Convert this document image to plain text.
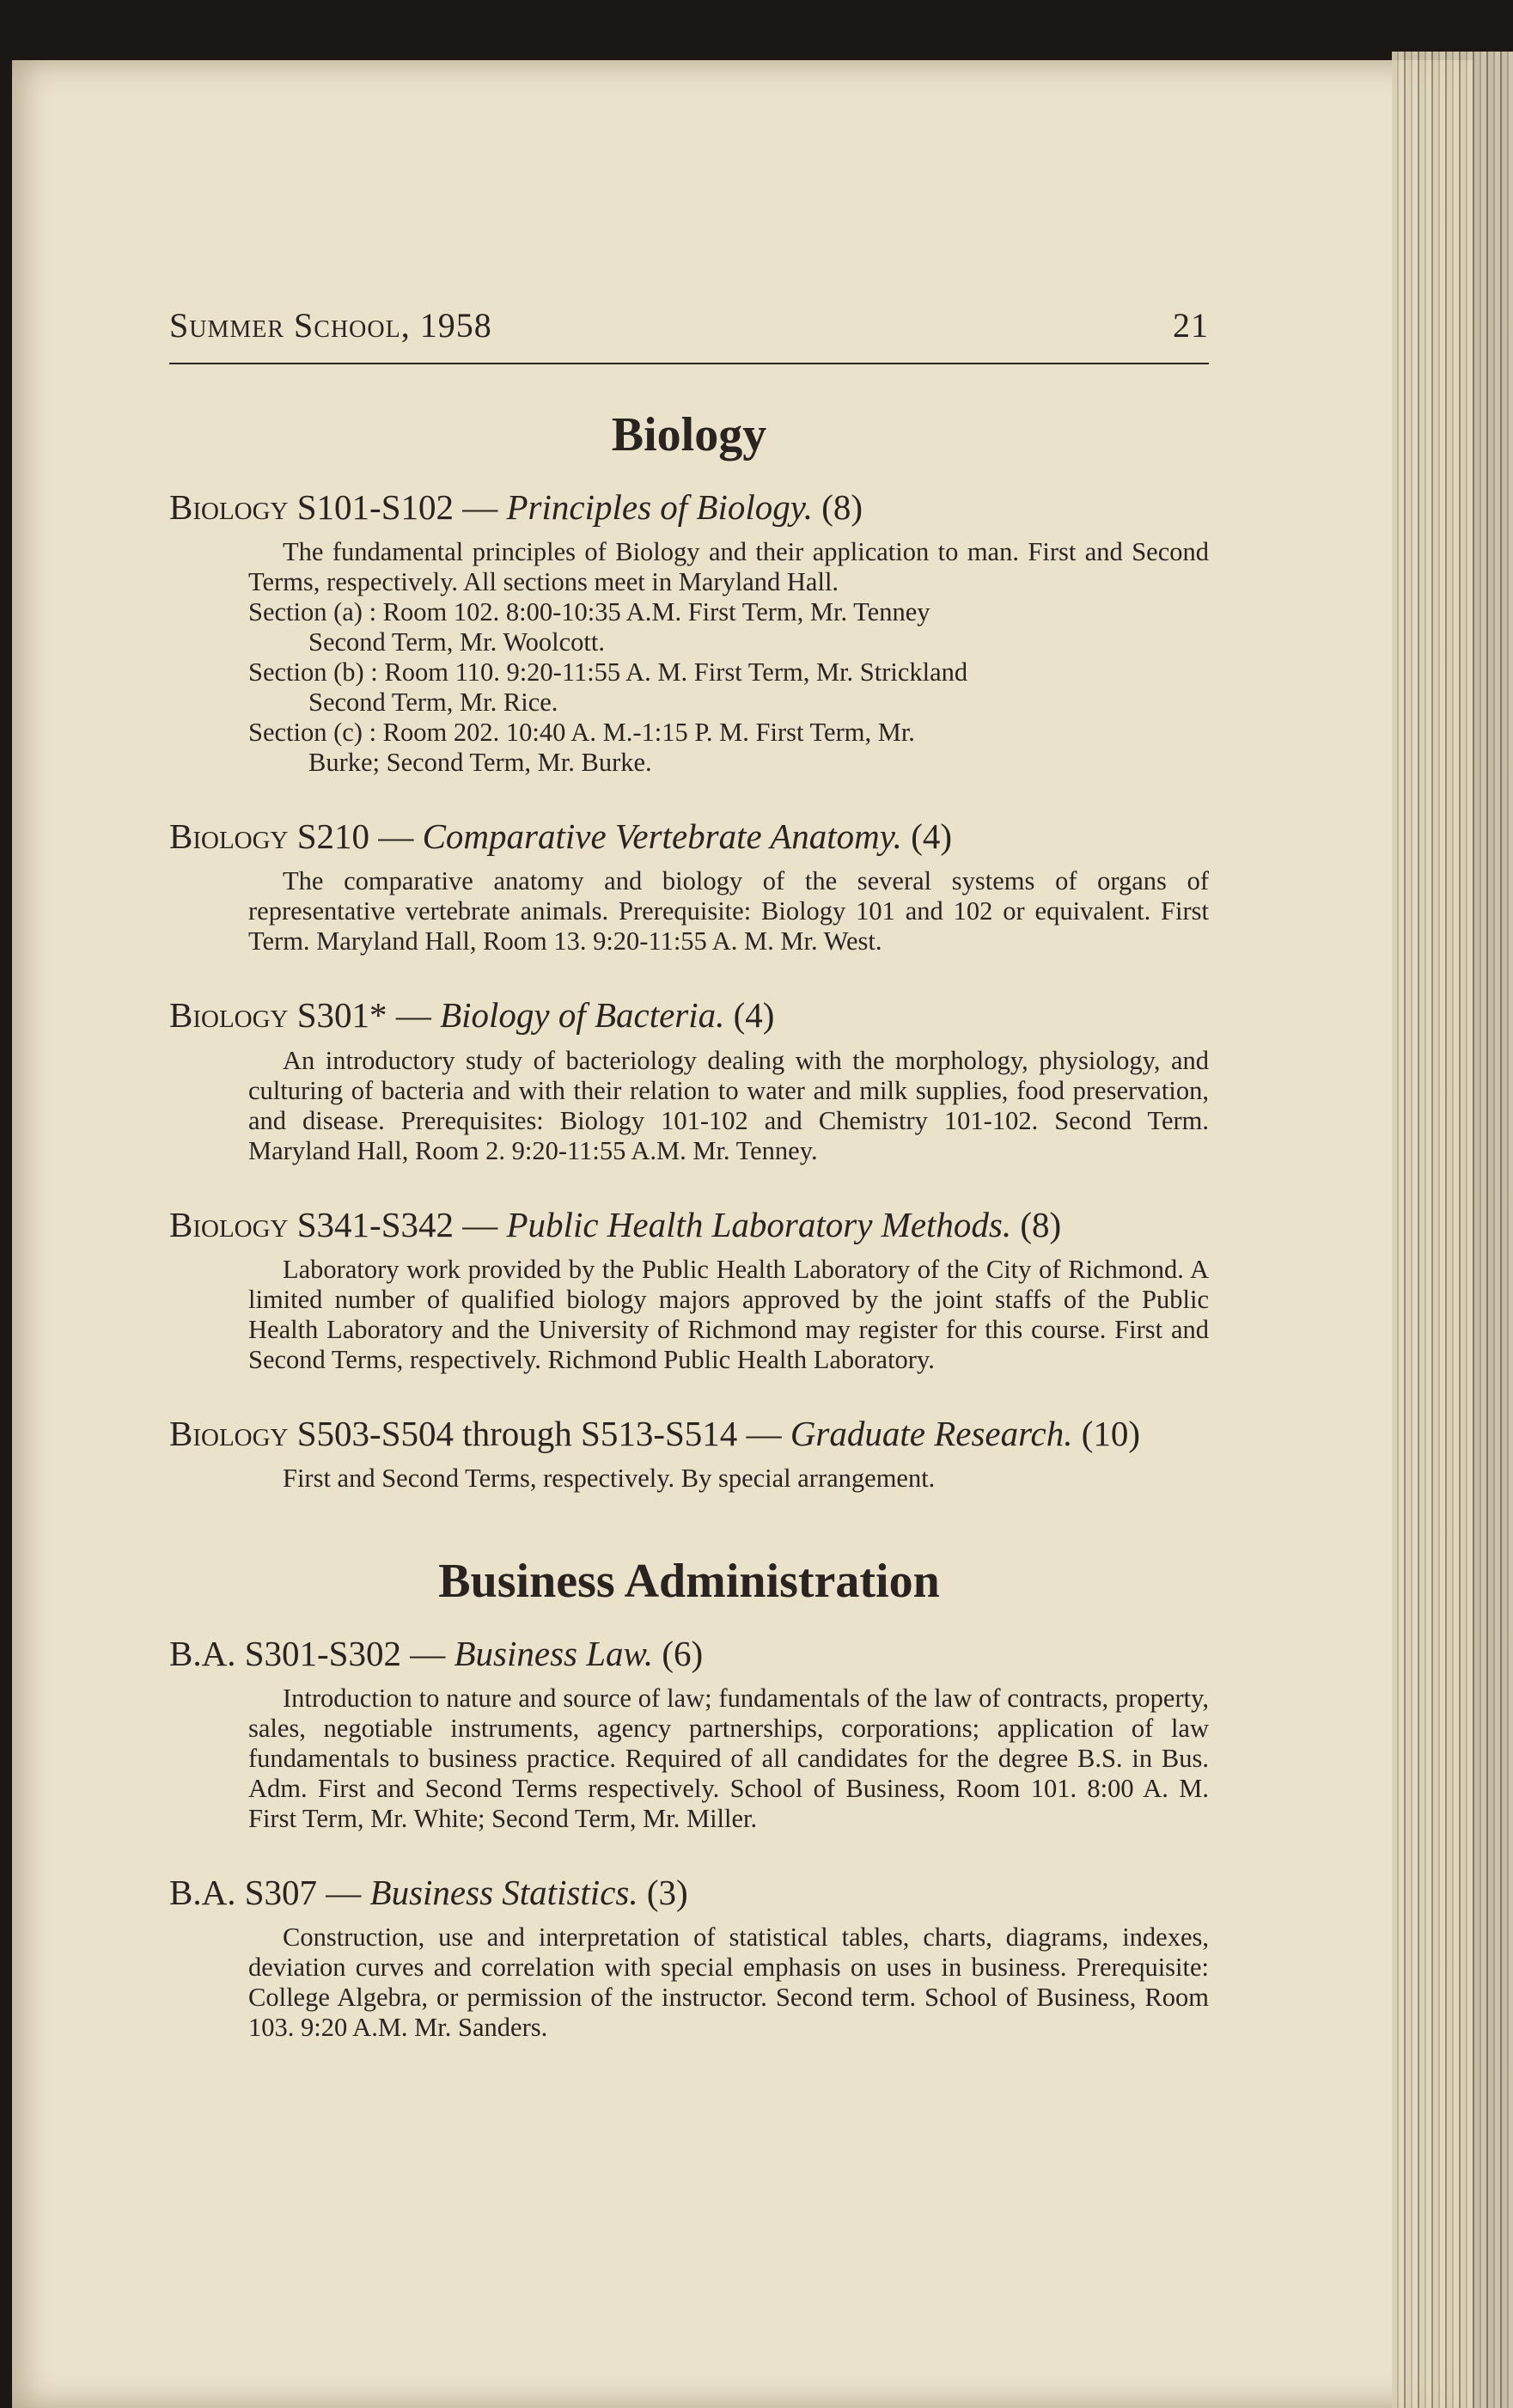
Summer School, 1958	21
Biology
Biology S101-S102 — Principles of Biology. (8)

The fundamental principles of Biology and their application to man. First and Second Terms, respectively. All sections meet in Maryland Hall.

Section (a) : Room 102. 8:00-10:35 A.M. First Term, Mr. Tenney

Second Term, Mr. Woolcott.

Section (b) : Room 110. 9:20-11:55 A. M. First Term, Mr. Strickland

Second Term, Mr. Rice.

Section (c) : Room 202. 10:40 A. M.-1:15 P. M. First Term, Mr.

Burke; Second Term, Mr. Burke.

Biology S210 — Comparative Vertebrate Anatomy. (4)

The comparative anatomy and biology of the several systems of organs of representative vertebrate animals. Prerequisite: Biology 101 and 102 or equivalent. First Term. Maryland Hall, Room 13. 9:20-11:55 A. M. Mr. West.

Biology S301* — Biology of Bacteria. (4)

An introductory study of bacteriology dealing with the morphology, physiology, and culturing of bacteria and with their relation to water and milk supplies, food preservation, and disease. Prerequisites: Biology 101-102 and Chemistry 101-102. Second Term. Maryland Hall, Room 2. 9:20-11:55 A.M. Mr. Tenney.

Biology S341-S342 — Public Health Laboratory Methods. (8)

Laboratory work provided by the Public Health Laboratory of the City of Richmond. A limited number of qualified biology majors approved by the joint staffs of the Public Health Laboratory and the University of Richmond may register for this course. First and Second Terms, respectively. Richmond Public Health Laboratory.

Biology S503-S504 through S513-S514 — Graduate Research. (10)

First and Second Terms, respectively. By special arrangement.

Business Administration
B.A. S301-S302 — Business Law. (6)

Introduction to nature and source of law; fundamentals of the law of contracts, property, sales, negotiable instruments, agency partnerships, corporations; application of law fundamentals to business practice. Required of all candidates for the degree B.S. in Bus. Adm. First and Second Terms respectively. School of Business, Room 101. 8:00 A. M. First Term, Mr. White; Second Term, Mr. Miller.

B.A. S307 — Business Statistics. (3)

Construction, use and interpretation of statistical tables, charts, diagrams, indexes, deviation curves and correlation with special emphasis on uses in business. Prerequisite: College Algebra, or permission of the instructor. Second term. School of Business, Room 103. 9:20 A.M. Mr. Sanders.
